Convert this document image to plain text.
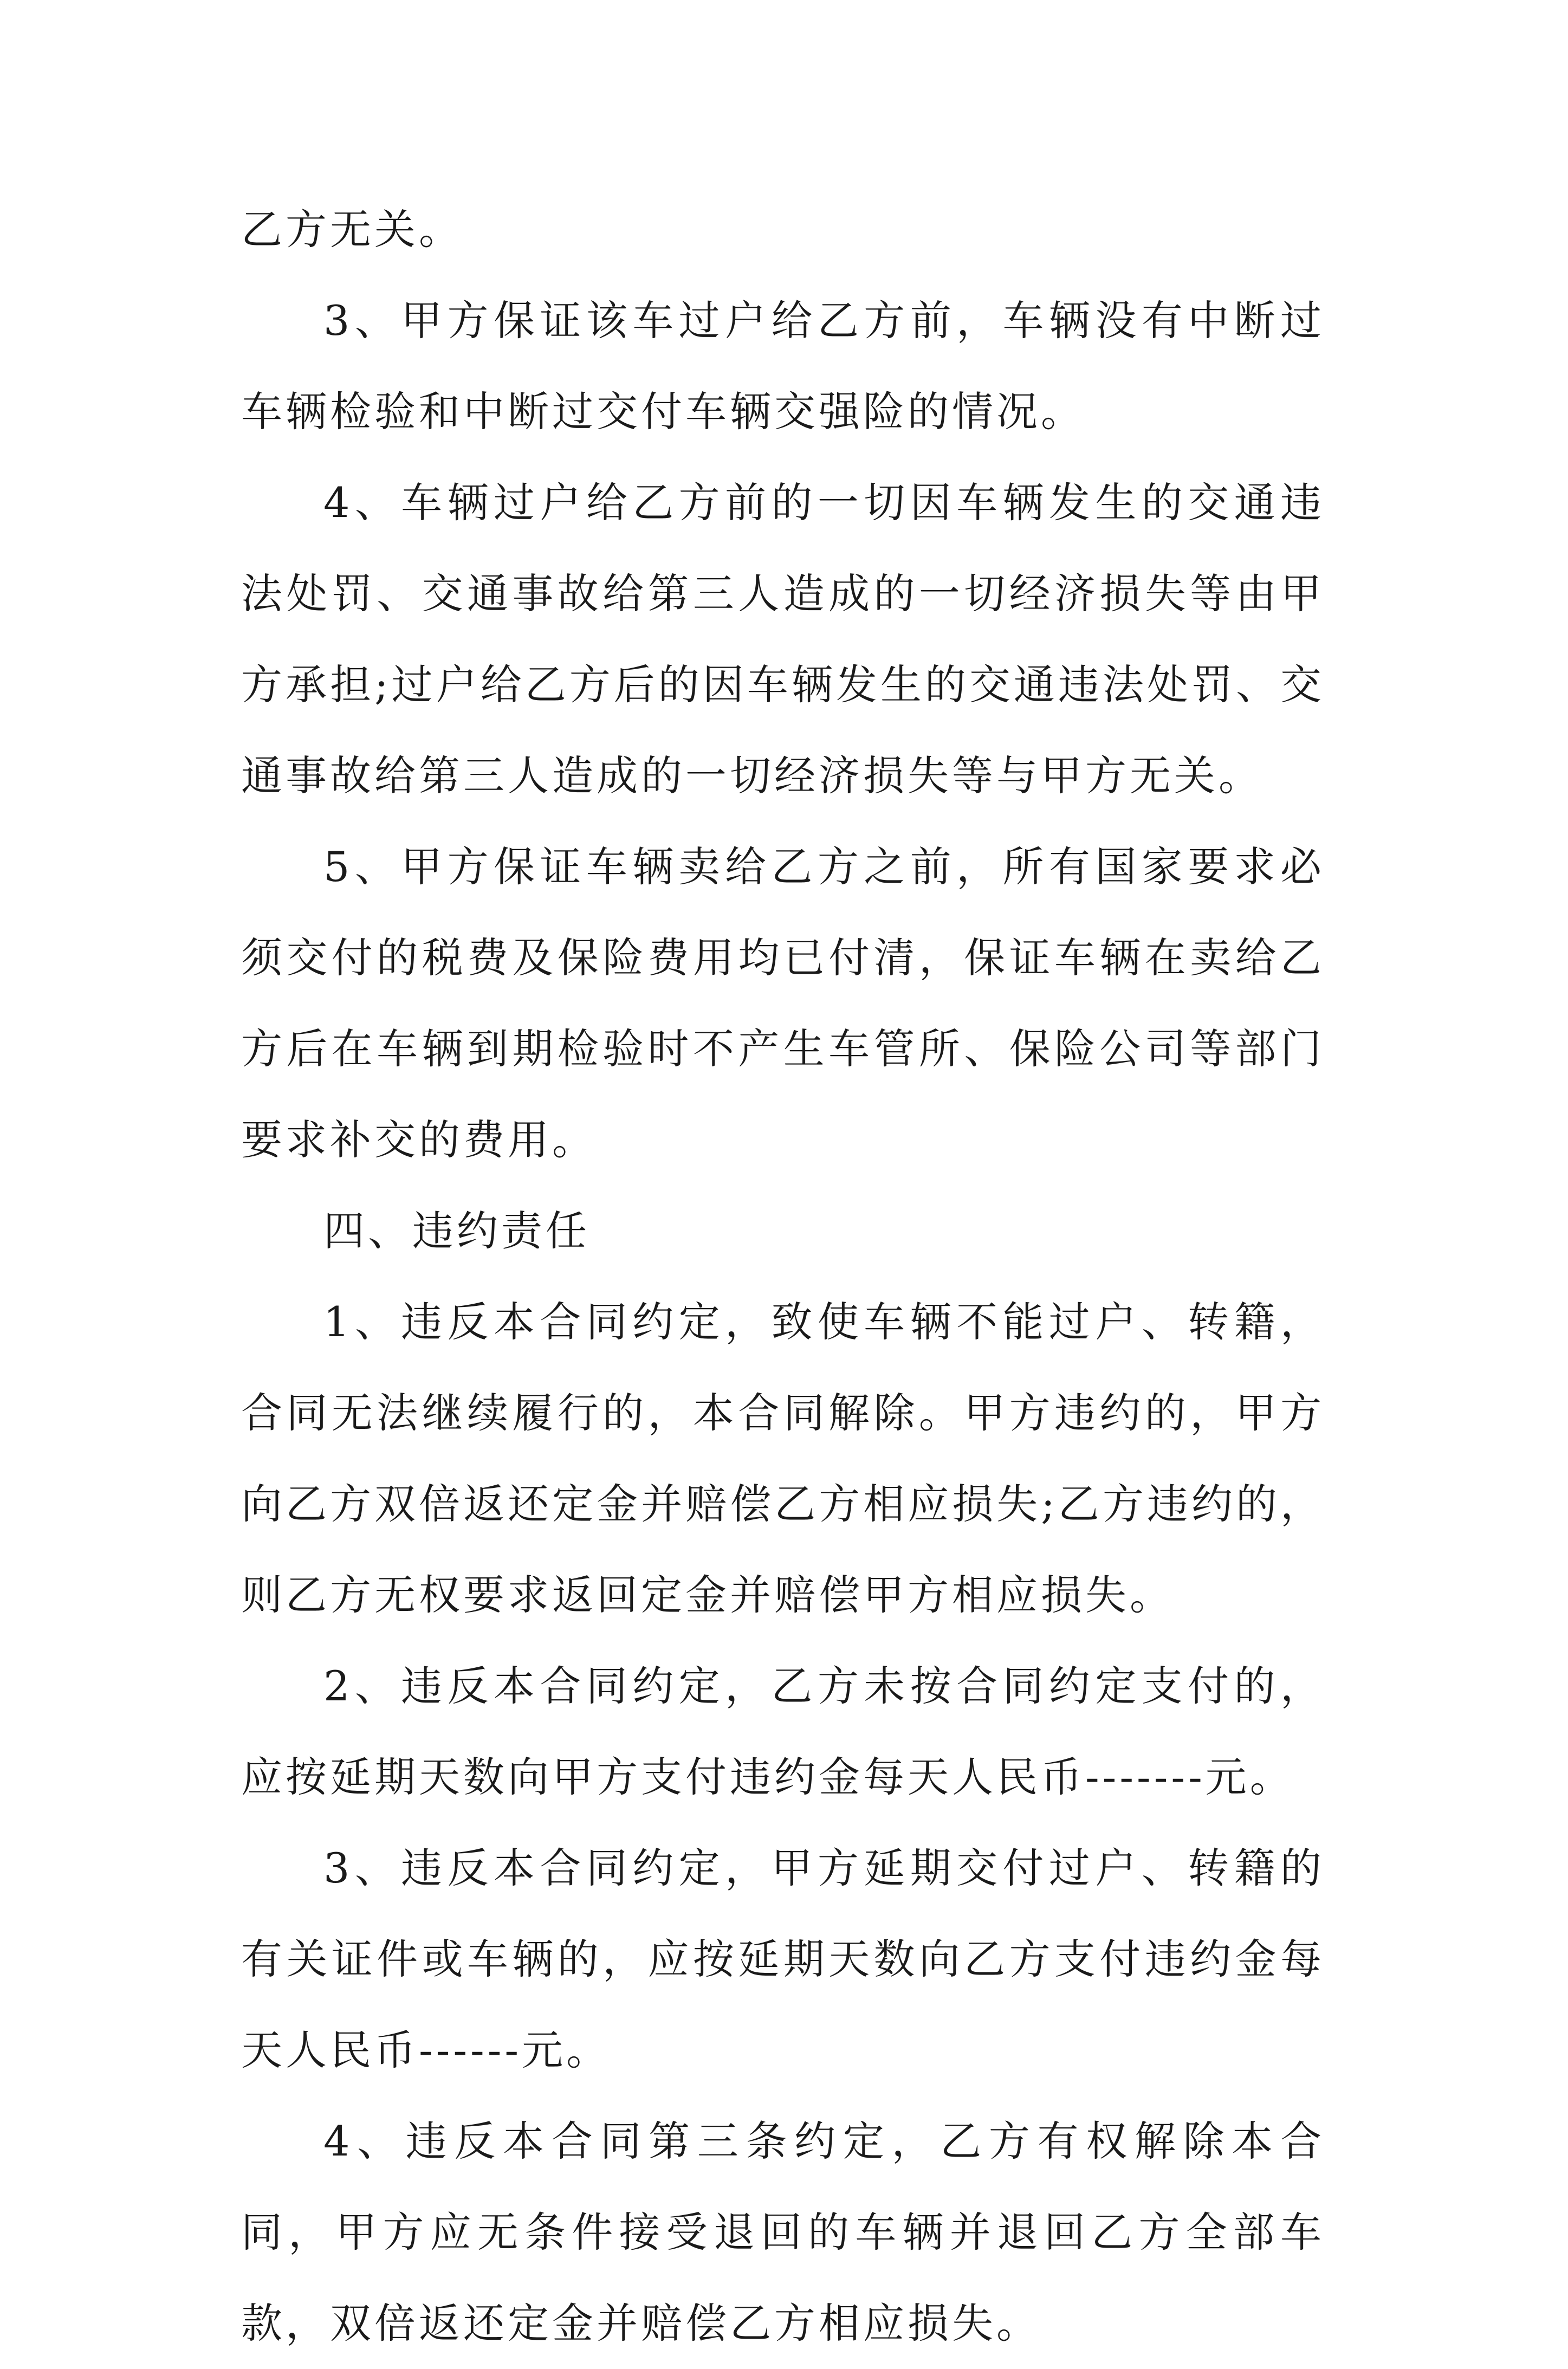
乙方无关。

3、甲方保证该车过户给乙方前，车辆没有中断过车辆检验和中断过交付车辆交强险的情况。

4、车辆过户给乙方前的一切因车辆发生的交通违法处罚、交通事故给第三人造成的一切经济损失等由甲方承担;过户给乙方后的因车辆发生的交通违法处罚、交通事故给第三人造成的一切经济损失等与甲方无关。

5、甲方保证车辆卖给乙方之前，所有国家要求必须交付的税费及保险费用均已付清，保证车辆在卖给乙方后在车辆到期检验时不产生车管所、保险公司等部门要求补交的费用。

四、违约责任

1、违反本合同约定，致使车辆不能过户、转籍，合同无法继续履行的，本合同解除。甲方违约的，甲方向乙方双倍返还定金并赔偿乙方相应损失;乙方违约的，则乙方无权要求返回定金并赔偿甲方相应损失。

2、违反本合同约定，乙方未按合同约定支付的，应按延期天数向甲方支付违约金每天人民币-------元。

3、违反本合同约定，甲方延期交付过户、转籍的有关证件或车辆的，应按延期天数向乙方支付违约金每天人民币------元。

4、违反本合同第三条约定，乙方有权解除本合同，甲方应无条件接受退回的车辆并退回乙方全部车款，双倍返还定金并赔偿乙方相应损失。
